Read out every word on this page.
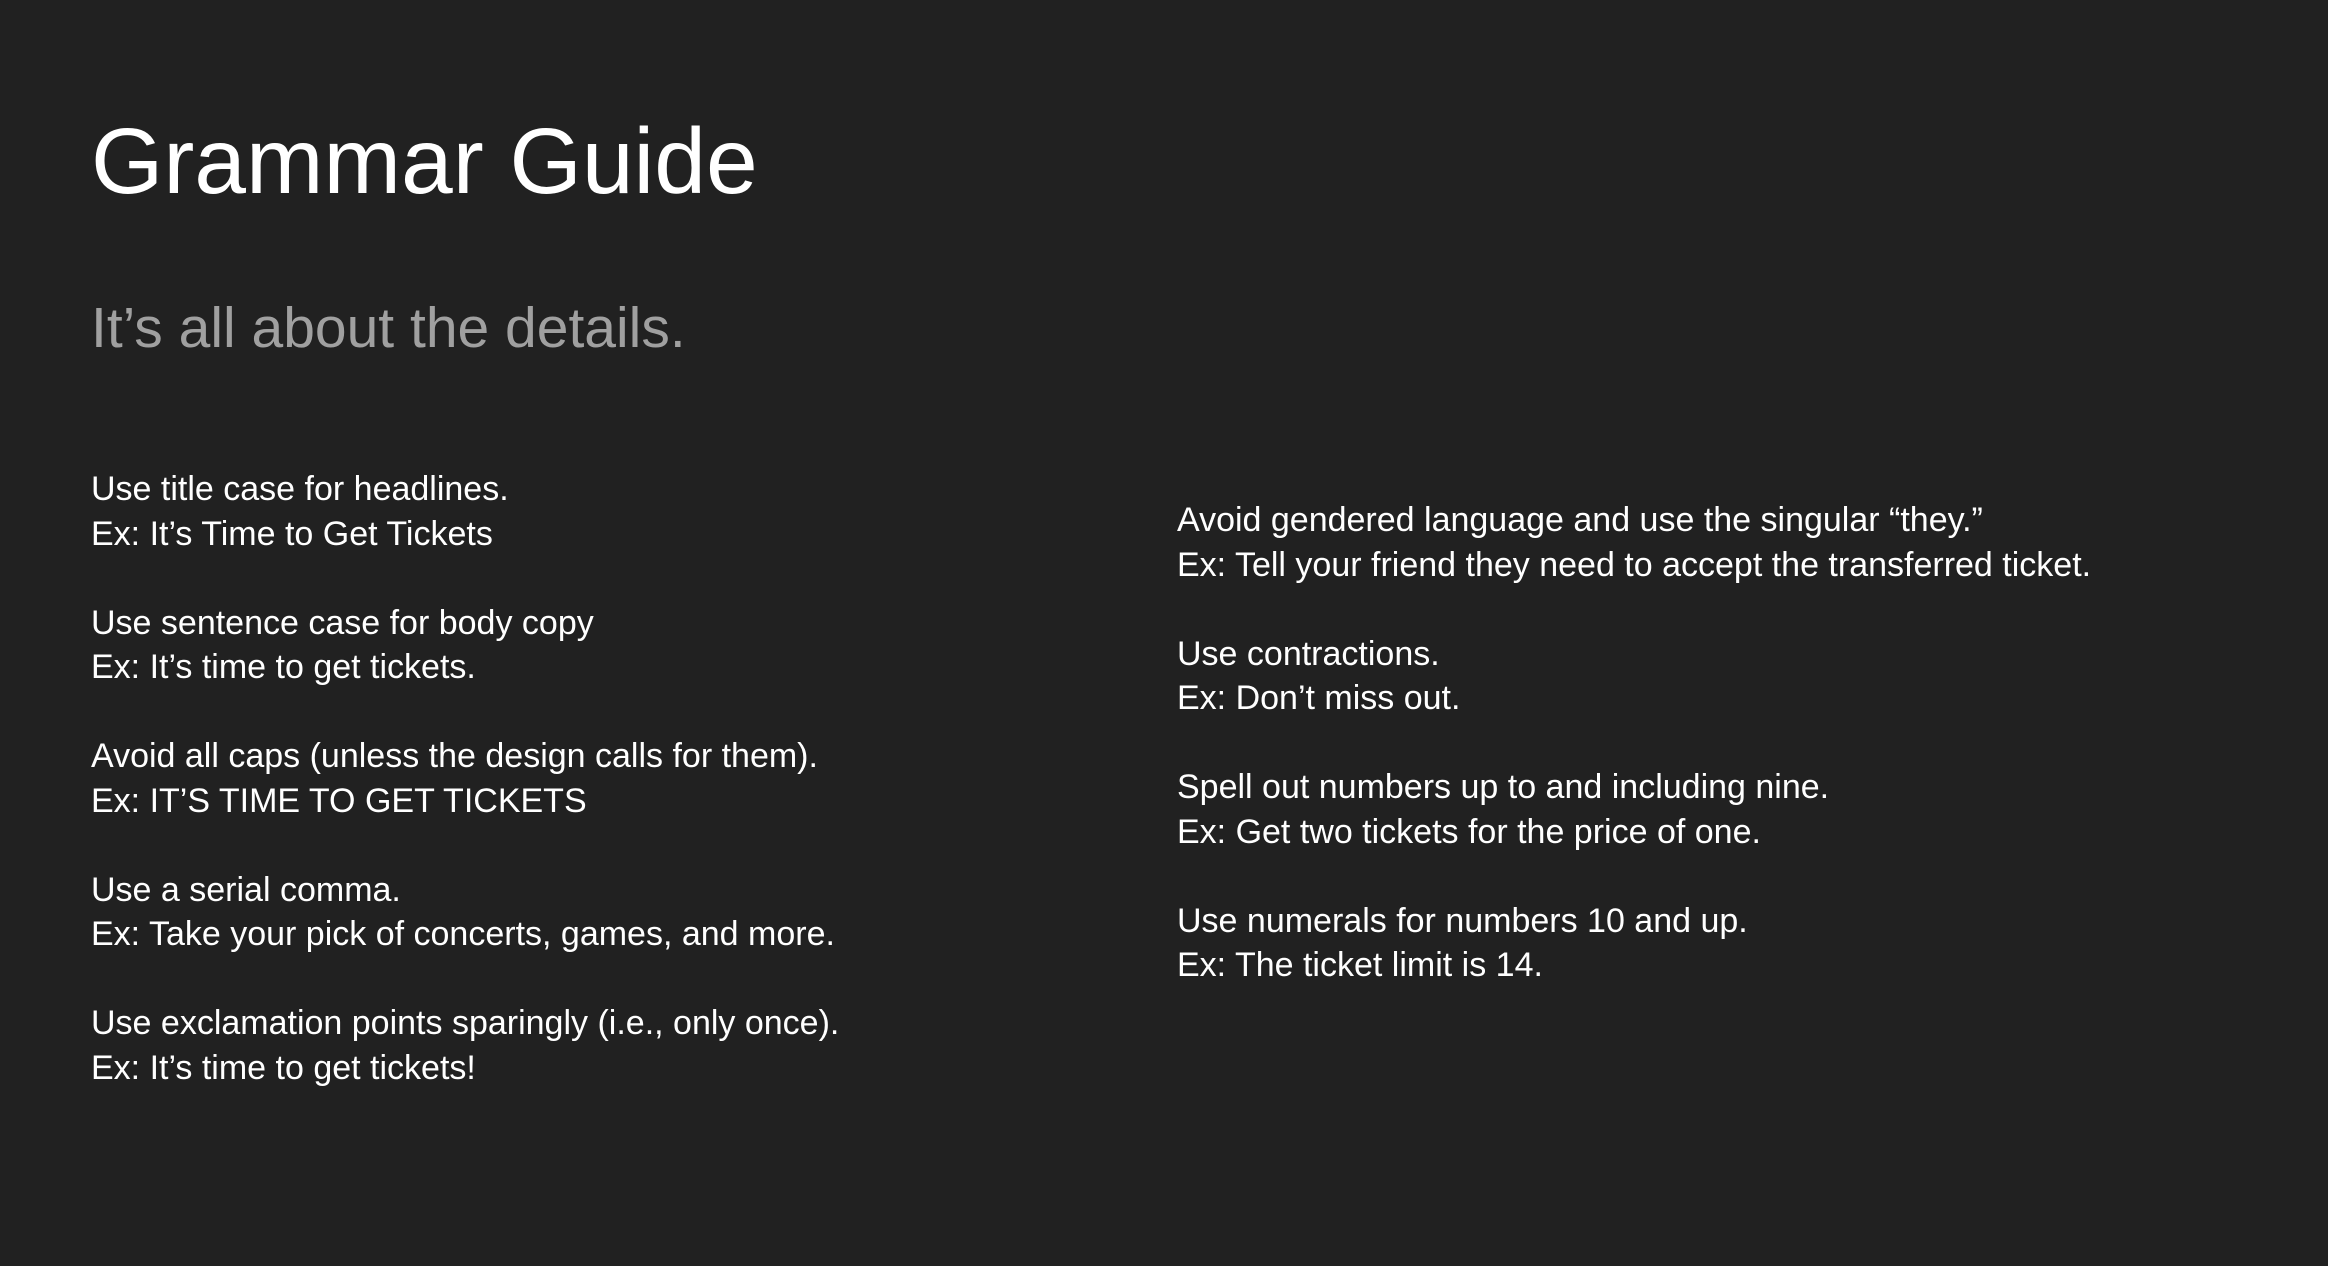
Grammar Guide
It’s all about the details.

Use title case for headlines.
Ex: It’s Time to Get Tickets

Use sentence case for body copy
Ex: It’s time to get tickets.

Avoid all caps (unless the design calls for them).
Ex: IT’S TIME TO GET TICKETS

Use a serial comma.
Ex: Take your pick of concerts, games, and more.

Use exclamation points sparingly (i.e., only once).
Ex: It’s time to get tickets!

Avoid gendered language and use the singular “they.”
Ex: Tell your friend they need to accept the transferred ticket.

Use contractions.
Ex: Don’t miss out.

Spell out numbers up to and including nine.
Ex: Get two tickets for the price of one.

Use numerals for numbers 10 and up.
Ex: The ticket limit is 14.
